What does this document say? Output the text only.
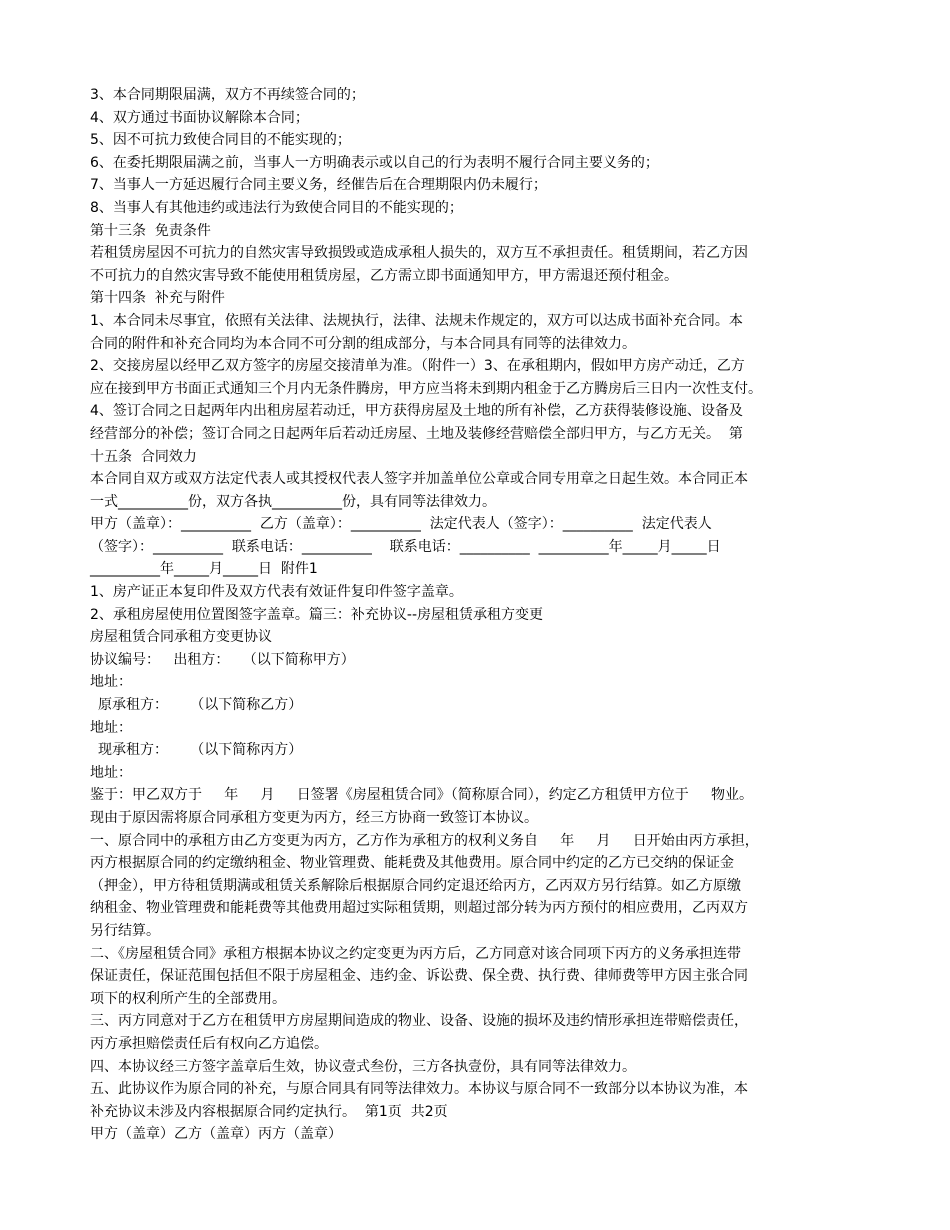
3、本合同期限届满，双方不再续签合同的；
4、双方通过书面协议解除本合同；
5、因不可抗力致使合同目的不能实现的；
6、在委托期限届满之前，当事人一方明确表示或以自己的行为表明不履行合同主要义务的；
7、当事人一方延迟履行合同主要义务，经催告后在合理期限内仍未履行；
8、当事人有其他违约或违法行为致使合同目的不能实现的；
第十三条  免责条件
若租赁房屋因不可抗力的自然灾害导致损毁或造成承租人损失的，双方互不承担责任。租赁期间，若乙方因
不可抗力的自然灾害导致不能使用租赁房屋，乙方需立即书面通知甲方，甲方需退还预付租金。
第十四条  补充与附件
1、本合同未尽事宜，依照有关法律、法规执行，法律、法规未作规定的，双方可以达成书面补充合同。本
合同的附件和补充合同均为本合同不可分割的组成部分，与本合同具有同等的法律效力。
2、交接房屋以经甲乙双方签字的房屋交接清单为准。（附件一）3、在承租期内，假如甲方房产动迁，乙方
应在接到甲方书面正式通知三个月内无条件腾房，甲方应当将未到期内租金于乙方腾房后三日内一次性支付。
4、签订合同之日起两年内出租房屋若动迁，甲方获得房屋及土地的所有补偿，乙方获得装修设施、设备及
经营部分的补偿；签订合同之日起两年后若动迁房屋、土地及装修经营赔偿全部归甲方，与乙方无关。  第
十五条  合同效力
本合同自双方或双方法定代表人或其授权代表人签字并加盖单位公章或合同专用章之日起生效。本合同正本
一式__________份，双方各执__________份，具有同等法律效力。
甲方（盖章）：__________  乙方（盖章）：__________  法定代表人（签字）：__________  法定代表人
（签字）：__________  联系电话：__________    联系电话：__________  __________年_____月_____日
__________年_____月_____日  附件1
1、房产证正本复印件及双方代表有效证件复印件签字盖章。
2、承租房屋使用位置图签字盖章。篇三：补充协议--房屋租赁承租方变更
房屋租赁合同承租方变更协议
协议编号：   出租方：   （以下简称甲方）
地址：
原承租方：     （以下简称乙方）
地址：
现承租方：     （以下简称丙方）
地址：
鉴于：甲乙双方于     年     月     日签署《房屋租赁合同》（简称原合同），约定乙方租赁甲方位于     物业。
现由于原因需将原合同承租方变更为丙方，经三方协商一致签订本协议。
一、原合同中的承租方由乙方变更为丙方，乙方作为承租方的权利义务自     年     月     日开始由丙方承担，
丙方根据原合同的约定缴纳租金、物业管理费、能耗费及其他费用。原合同中约定的乙方已交纳的保证金
（押金），甲方待租赁期满或租赁关系解除后根据原合同约定退还给丙方，乙丙双方另行结算。如乙方原缴
纳租金、物业管理费和能耗费等其他费用超过实际租赁期，则超过部分转为丙方预付的相应费用，乙丙双方
另行结算。
二、《房屋租赁合同》承租方根据本协议之约定变更为丙方后，乙方同意对该合同项下丙方的义务承担连带
保证责任，保证范围包括但不限于房屋租金、违约金、诉讼费、保全费、执行费、律师费等甲方因主张合同
项下的权利所产生的全部费用。
三、丙方同意对于乙方在租赁甲方房屋期间造成的物业、设备、设施的损坏及违约情形承担连带赔偿责任，
丙方承担赔偿责任后有权向乙方追偿。
四、本协议经三方签字盖章后生效，协议壹式叁份，三方各执壹份，具有同等法律效力。
五、此协议作为原合同的补充，与原合同具有同等法律效力。本协议与原合同不一致部分以本协议为准，本
补充协议未涉及内容根据原合同约定执行。  第1页  共2页
甲方（盖章）乙方（盖章）丙方（盖章）
